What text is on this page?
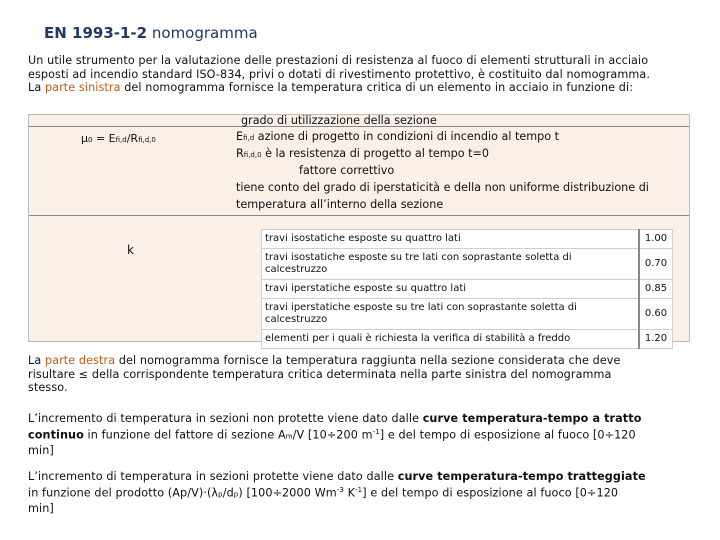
EN 1993-1-2 nomogramma
Un utile strumento per la valutazione delle prestazioni di resistenza al fuoco di elementi strutturali in acciaio
esposti ad incendio standard ISO-834, privi o dotati di rivestimento protettivo, è costituito dal nomogramma.
La parte sinistra del nomogramma fornisce la temperatura critica di un elemento in acciaio in funzione di:
μ0 = Efi,d/Rfi,d,0
grado di utilizzazione della sezione
Efi,d azione di progetto in condizioni di incendio al tempo t
Rfi,d,0 è la resistenza di progetto al tempo t=0
fattore correttivo
tiene conto del grado di iperstaticità e della non uniforme distribuzione di
temperatura all’interno della sezione
k
travi isostatiche esposte su quattro lati	1.00
travi isostatiche esposte su tre lati con soprastante soletta di calcestruzzo	0.70
travi iperstatiche esposte su quattro lati	0.85
travi iperstatiche esposte su tre lati con soprastante soletta di calcestruzzo	0.60
elementi per i quali è richiesta la verifica di stabilità a freddo	1.20
La parte destra del nomogramma fornisce la temperatura raggiunta nella sezione considerata che deve
risultare ≤ della corrispondente temperatura critica determinata nella parte sinistra del nomogramma
stesso.
L’incremento di temperatura in sezioni non protette viene dato dalle curve temperatura-tempo a tratto
continuo in funzione del fattore di sezione Am/V [10÷200 $m^{-1}$] e del tempo di esposizione al fuoco [0÷120
min]
L’incremento di temperatura in sezioni protette viene dato dalle curve temperatura-tempo tratteggiate
in funzione del prodotto (Ap/V)·(λp/dp) [100÷2000 $Wm^{-3}$ $K^{-1}$] e del tempo di esposizione al fuoco [0÷120
min]
